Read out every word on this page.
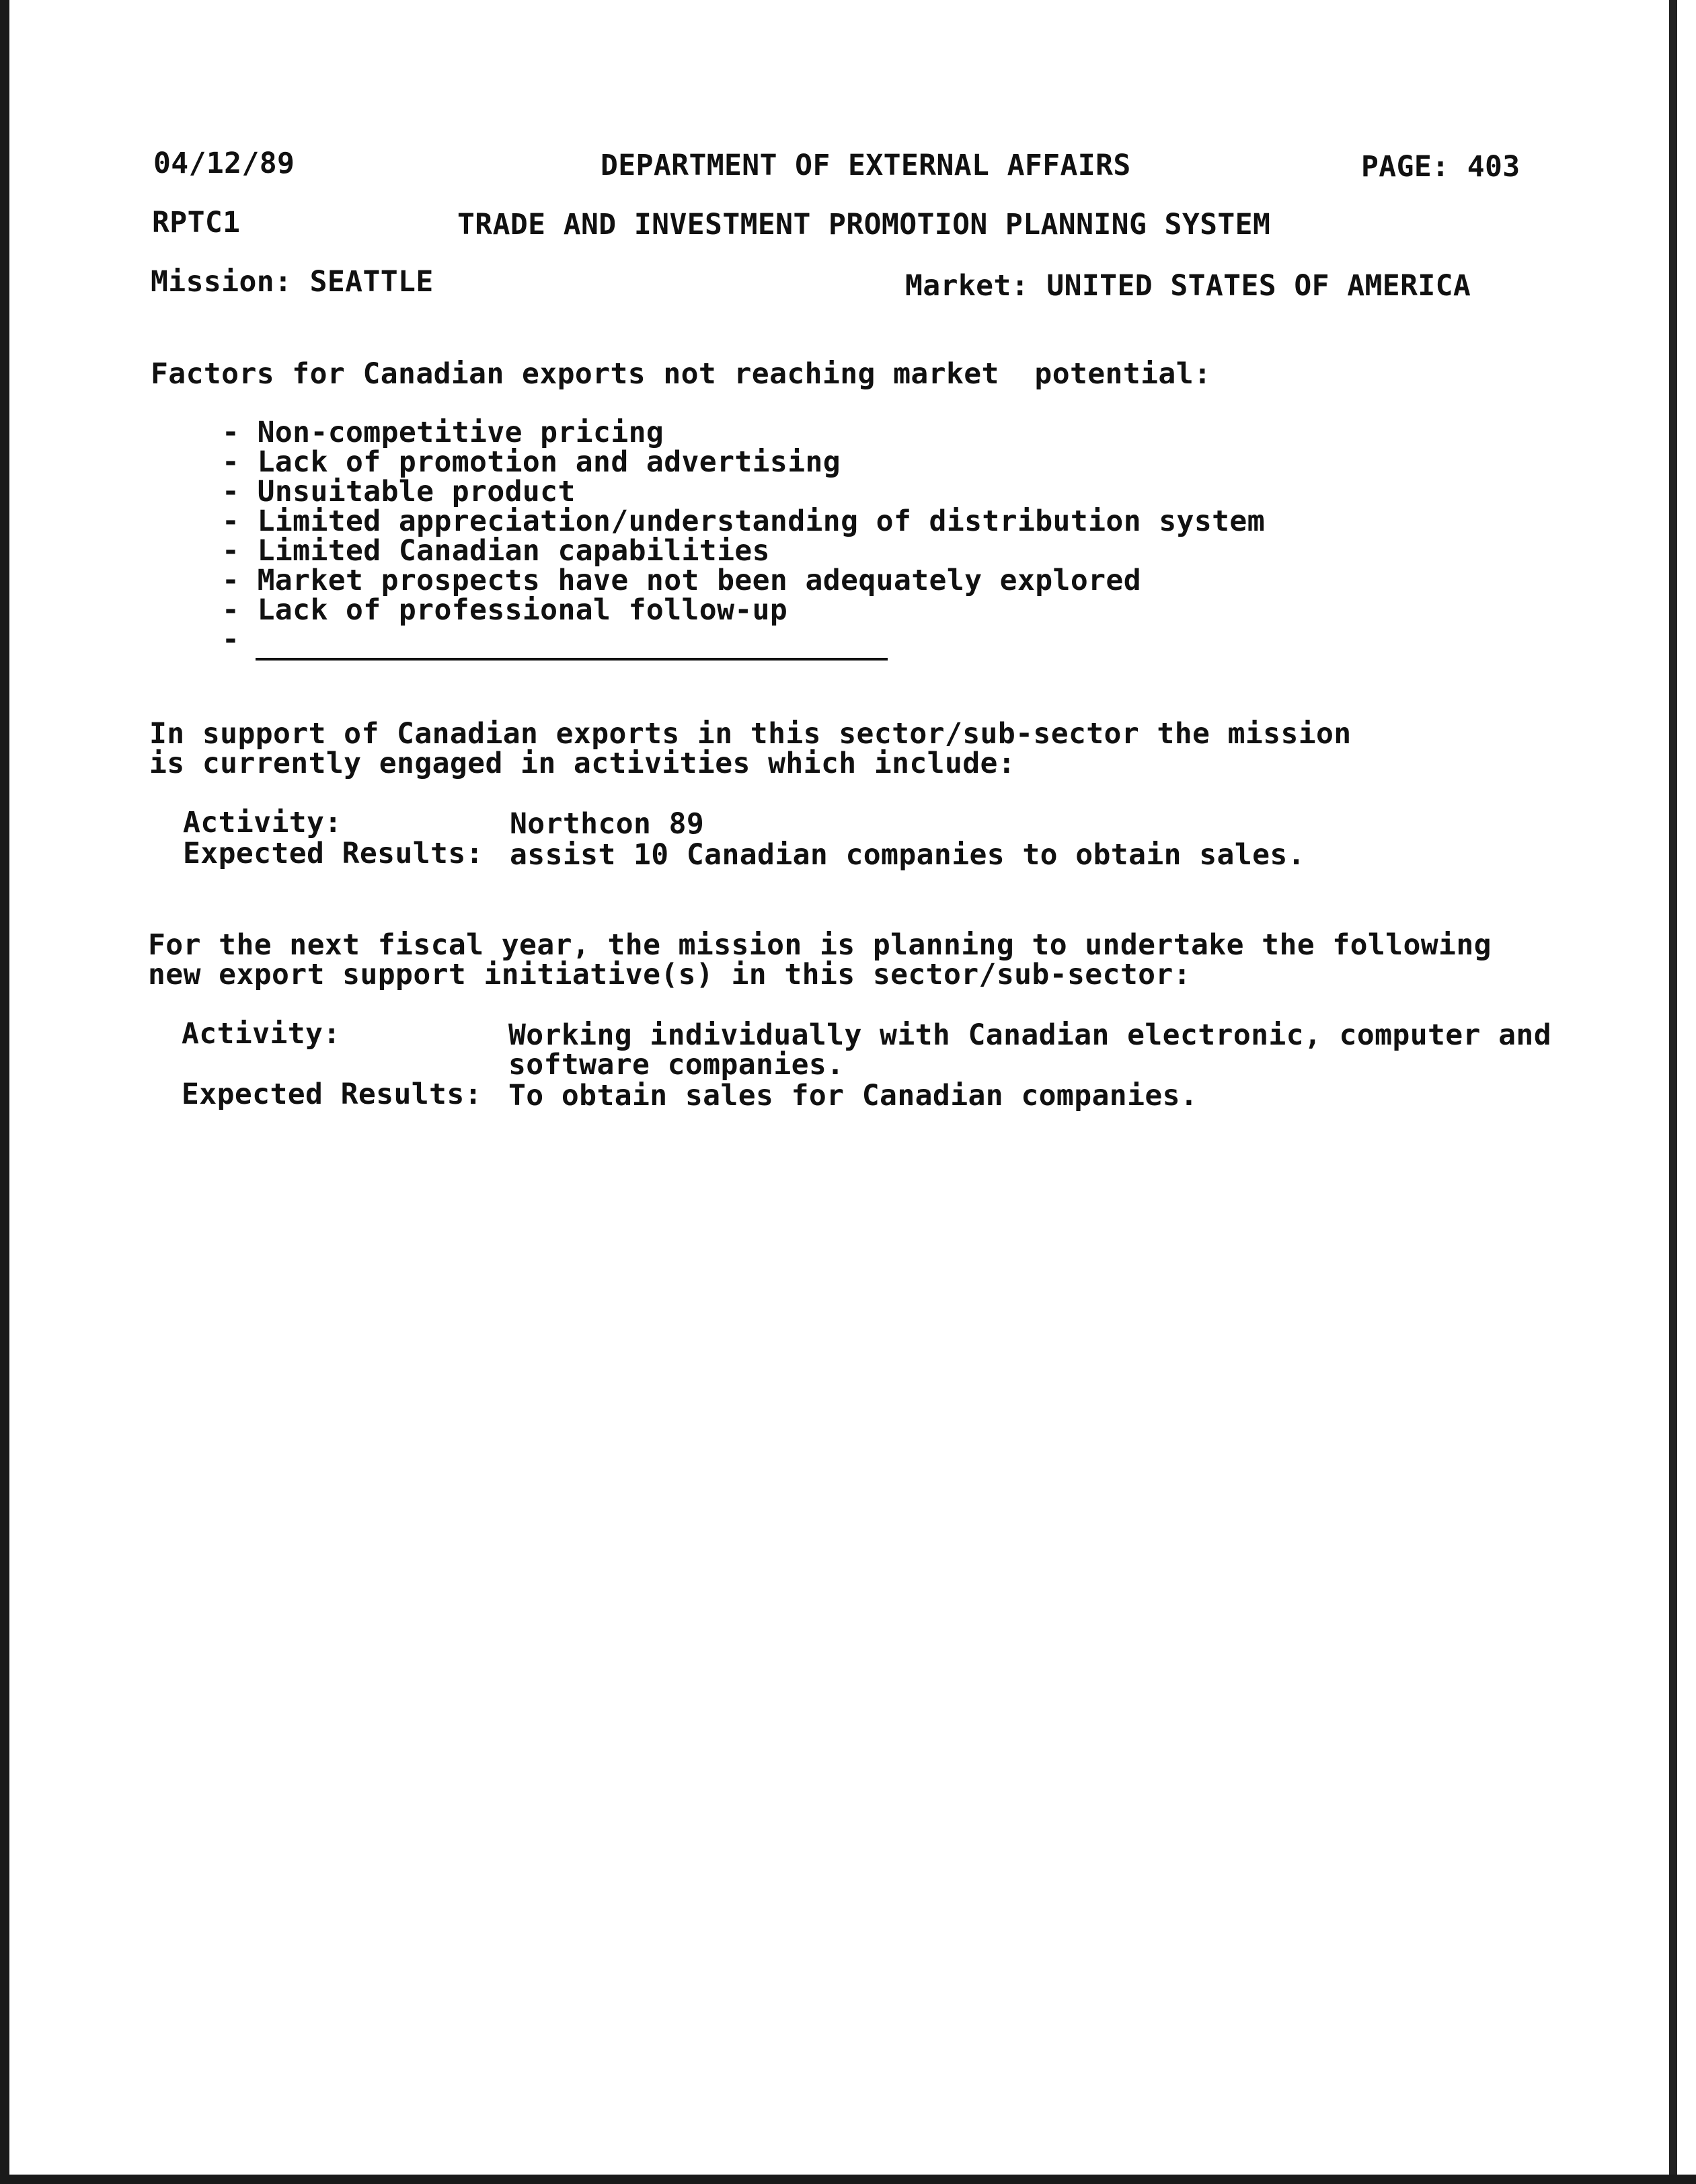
04/12/89	DEPARTMENT OF EXTERNAL AFFAIRS	PAGE: 403
RPTC1	TRADE AND INVESTMENT PROMOTION PLANNING SYSTEM
Mission: SEATTLE	Market: UNITED STATES OF AMERICA
Factors for Canadian exports not reaching market  potential:
- Non-competitive pricing
- Lack of promotion and advertising
- Unsuitable product
- Limited appreciation/understanding of distribution system
- Limited Canadian capabilities
- Market prospects have not been adequately explored
- Lack of professional follow-up
-
In support of Canadian exports in this sector/sub-sector the mission
is currently engaged in activities which include:
Activity:	Northcon 89
Expected Results: assist 10 Canadian companies to obtain sales.
For the next fiscal year, the mission is planning to undertake the following
new export support initiative(s) in this sector/sub-sector:
Activity:	Working individually with Canadian electronic, computer and
software companies.
Expected Results: To obtain sales for Canadian companies.
